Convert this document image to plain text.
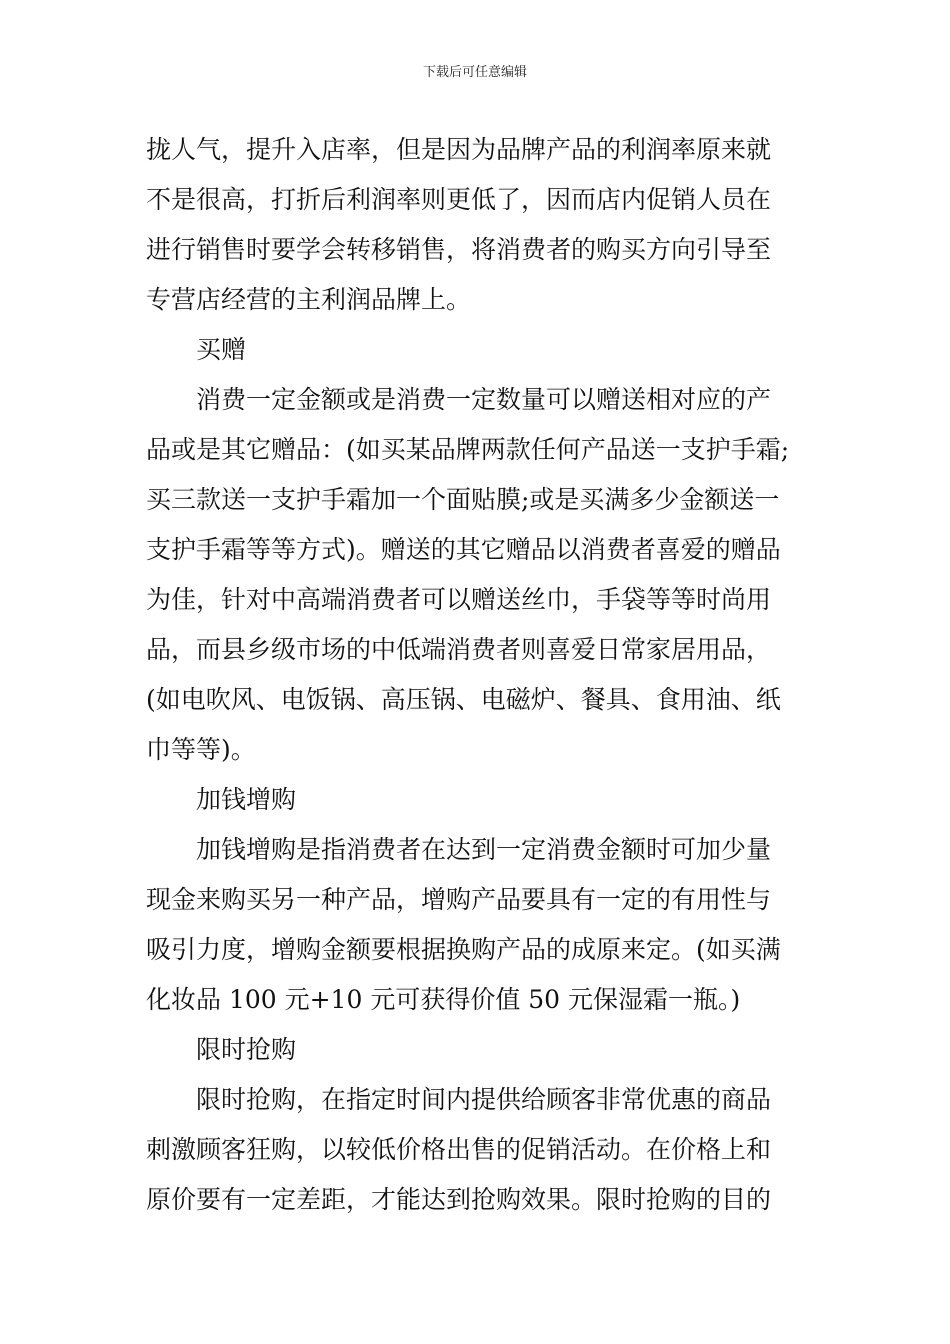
下载后可任意编辑
拢人气，提升入店率，但是因为品牌产品的利润率原来就
不是很高，打折后利润率则更低了，因而店内促销人员在
进行销售时要学会转移销售，将消费者的购买方向引导至
专营店经营的主利润品牌上。
买赠
消费一定金额或是消费一定数量可以赠送相对应的产
品或是其它赠品：(如买某品牌两款任何产品送一支护手霜;
买三款送一支护手霜加一个面贴膜;或是买满多少金额送一
支护手霜等等方式)。赠送的其它赠品以消费者喜爱的赠品
为佳，针对中高端消费者可以赠送丝巾，手袋等等时尚用
品，而县乡级市场的中低端消费者则喜爱日常家居用品，
(如电吹风、电饭锅、高压锅、电磁炉、餐具、食用油、纸
巾等等)。
加钱增购
加钱增购是指消费者在达到一定消费金额时可加少量
现金来购买另一种产品，增购产品要具有一定的有用性与
吸引力度，增购金额要根据换购产品的成原来定。(如买满
化妆品 100 元+10 元可获得价值 50 元保湿霜一瓶。)
限时抢购
限时抢购，在指定时间内提供给顾客非常优惠的商品
刺激顾客狂购，以较低价格出售的促销活动。在价格上和
原价要有一定差距，才能达到抢购效果。限时抢购的目的
